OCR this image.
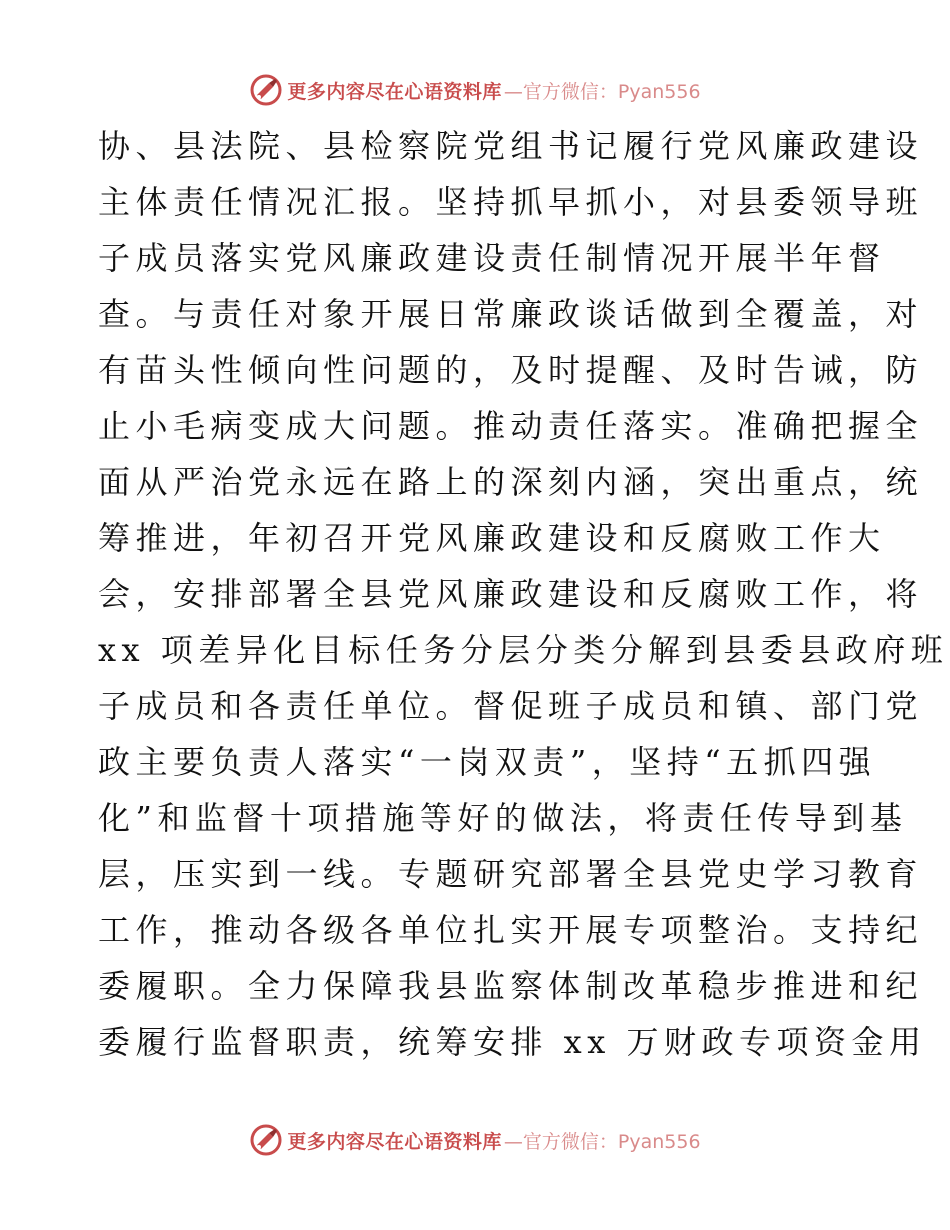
更多内容尽在心语资料库 —官方微信：Pyan556
协、县法院、县检察院党组书记履行党风廉政建设
主体责任情况汇报。坚持抓早抓小，对县委领导班
子成员落实党风廉政建设责任制情况开展半年督
查。与责任对象开展日常廉政谈话做到全覆盖，对
有苗头性倾向性问题的，及时提醒、及时告诫，防
止小毛病变成大问题。推动责任落实。准确把握全
面从严治党永远在路上的深刻内涵，突出重点，统
筹推进，年初召开党风廉政建设和反腐败工作大
会，安排部署全县党风廉政建设和反腐败工作，将
xx 项差异化目标任务分层分类分解到县委县政府班
子成员和各责任单位。督促班子成员和镇、部门党
政主要负责人落实“一岗双责”，坚持“五抓四强
化”和监督十项措施等好的做法，将责任传导到基
层，压实到一线。专题研究部署全县党史学习教育
工作，推动各级各单位扎实开展专项整治。支持纪
委履职。全力保障我县监察体制改革稳步推进和纪
委履行监督职责，统筹安排 xx 万财政专项资金用
更多内容尽在心语资料库 —官方微信：Pyan556
